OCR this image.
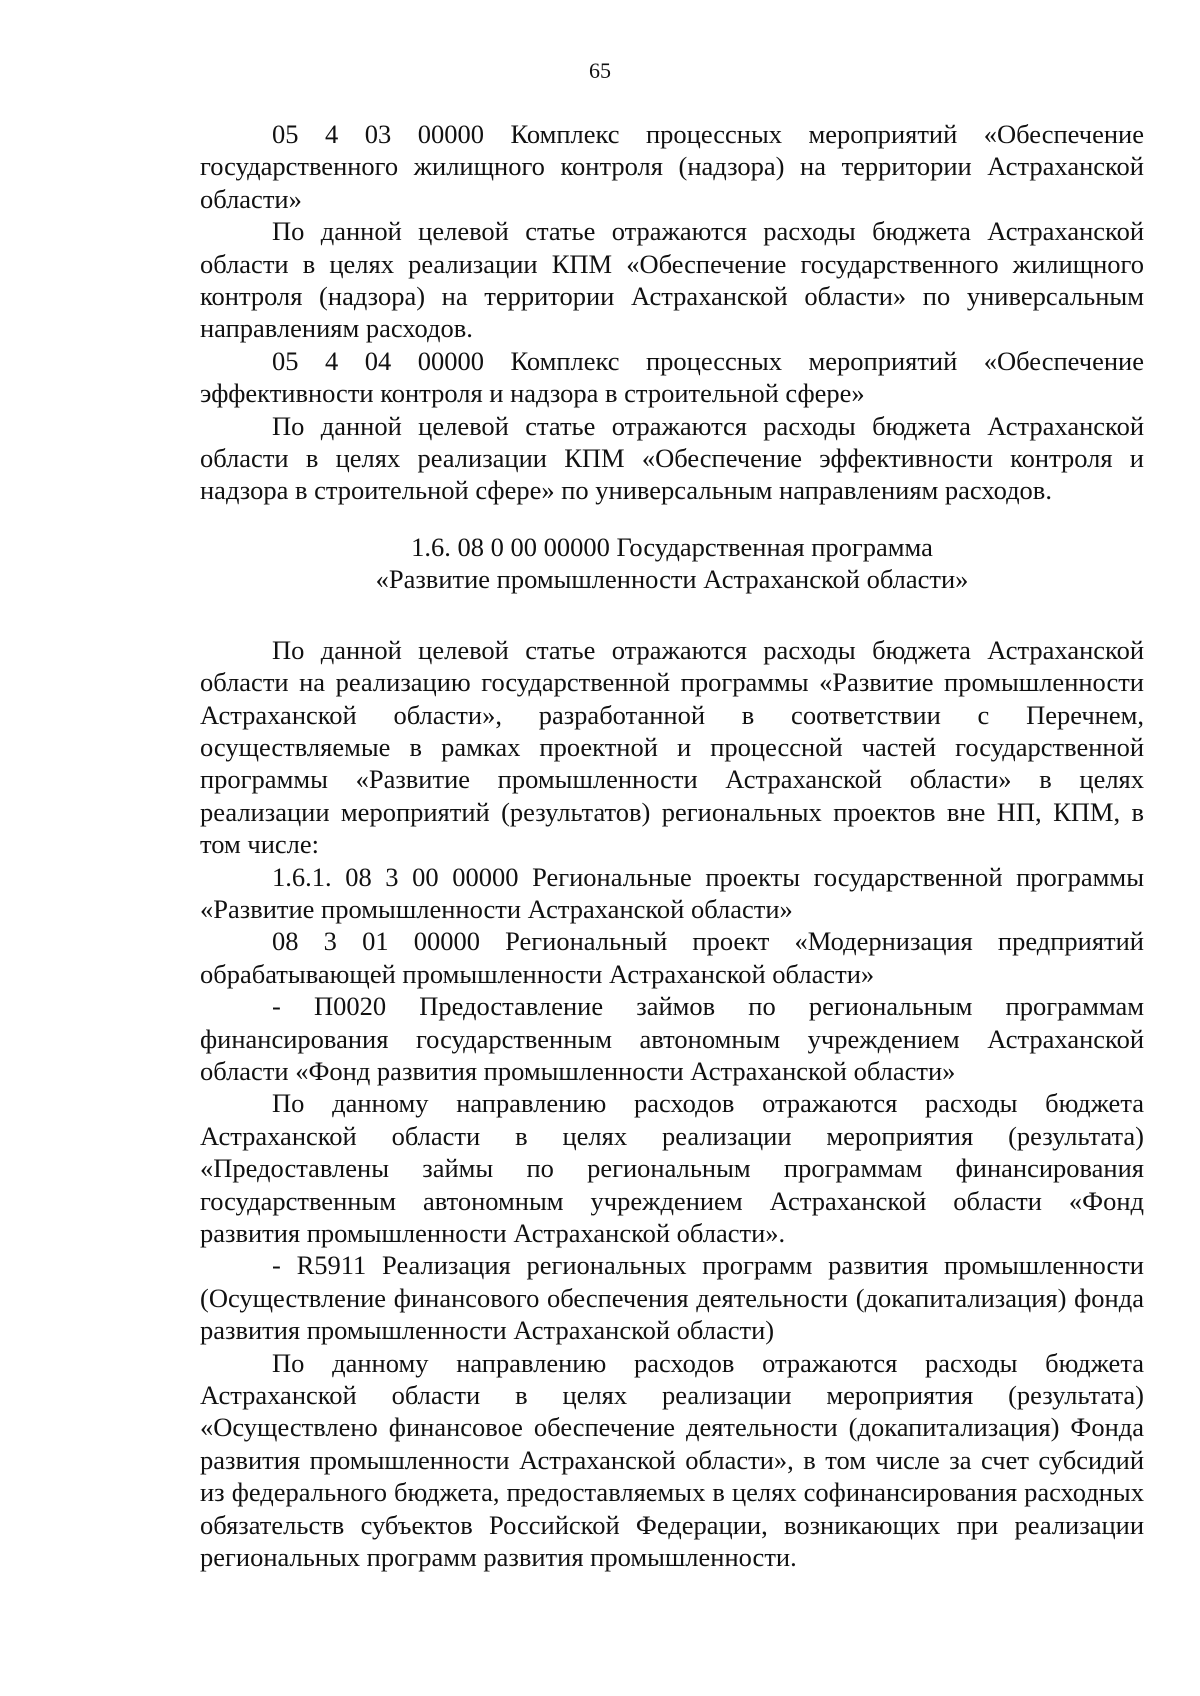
65

05 4 03 00000 Комплекс процессных мероприятий «Обеспечение государственного жилищного контроля (надзора) на территории Астраханской области»

По данной целевой статье отражаются расходы бюджета Астраханской области в целях реализации КПМ «Обеспечение государственного жилищного контроля (надзора) на территории Астраханской области» по универсальным направлениям расходов.

05 4 04 00000 Комплекс процессных мероприятий «Обеспечение эффективности контроля и надзора в строительной сфере»

По данной целевой статье отражаются расходы бюджета Астраханской области в целях реализации КПМ «Обеспечение эффективности контроля и надзора в строительной сфере» по универсальным направлениям расходов.

1.6. 08 0 00 00000 Государственная программа

«Развитие промышленности Астраханской области»

По данной целевой статье отражаются расходы бюджета Астраханской области на реализацию государственной программы «Развитие промышленности Астраханской области», разработанной в соответствии с Перечнем, осуществляемые в рамках проектной и процессной частей государственной программы «Развитие промышленности Астраханской области» в целях реализации мероприятий (результатов) региональных проектов вне НП, КПМ, в том числе:

1.6.1. 08 3 00 00000 Региональные проекты государственной программы «Развитие промышленности Астраханской области»

08 3 01 00000 Региональный проект «Модернизация предприятий обрабатывающей промышленности Астраханской области»

- П0020 Предоставление займов по региональным программам финансирования государственным автономным учреждением Астраханской области «Фонд развития промышленности Астраханской области»

По данному направлению расходов отражаются расходы бюджета Астраханской области в целях реализации мероприятия (результата) «Предоставлены займы по региональным программам финансирования государственным автономным учреждением Астраханской области «Фонд развития промышленности Астраханской области».

- R5911 Реализация региональных программ развития промышленности (Осуществление финансового обеспечения деятельности (докапитализация) фонда развития промышленности Астраханской области)

По данному направлению расходов отражаются расходы бюджета Астраханской области в целях реализации мероприятия (результата) «Осуществлено финансовое обеспечение деятельности (докапитализация) Фонда развития промышленности Астраханской области», в том числе за счет субсидий из федерального бюджета, предоставляемых в целях софинансирования расходных обязательств субъектов Российской Федерации, возникающих при реализации региональных программ развития промышленности.
